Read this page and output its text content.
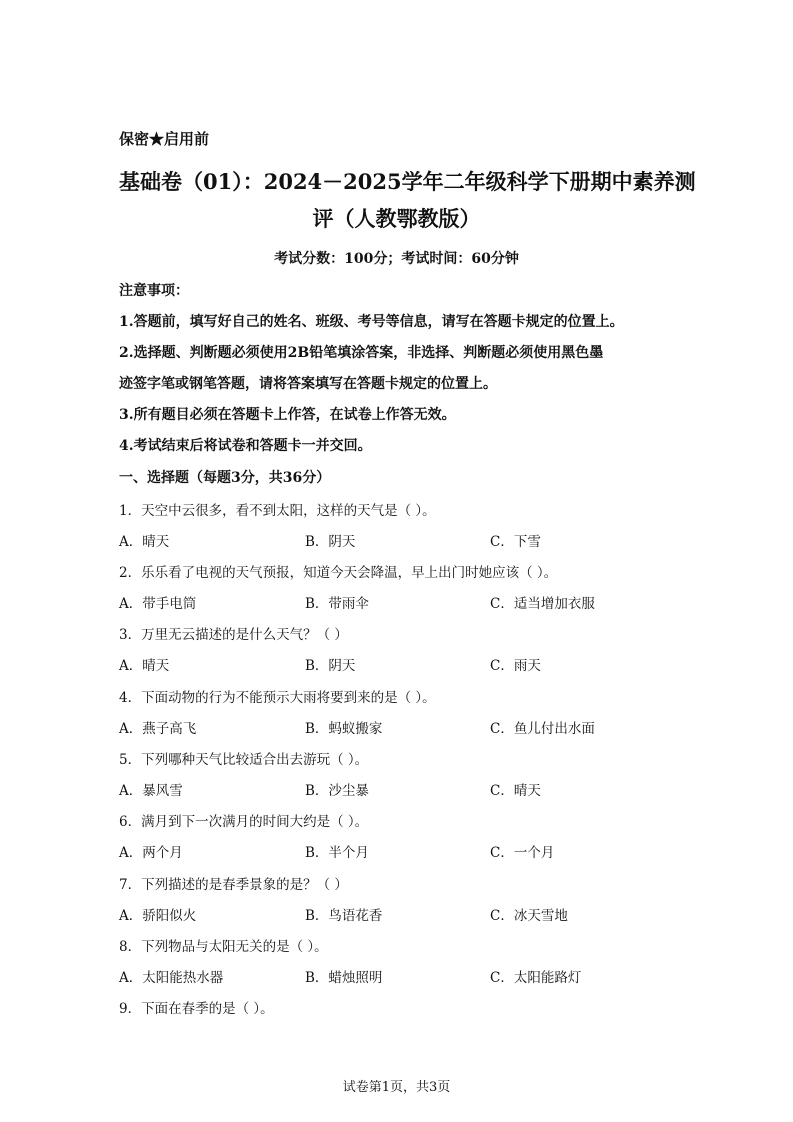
保密★启用前
基础卷（01）：2024－2025学年二年级科学下册期中素养测
评（人教鄂教版）
考试分数：100分；考试时间：60分钟
注意事项：
1.答题前，填写好自己的姓名、班级、考号等信息，请写在答题卡规定的位置上。
2.选择题、判断题必须使用2B铅笔填涂答案，非选择、判断题必须使用黑色墨
迹签字笔或钢笔答题，请将答案填写在答题卡规定的位置上。
3.所有题目必须在答题卡上作答，在试卷上作答无效。
4.考试结束后将试卷和答题卡一并交回。
一、选择题（每题3分，共36分）
1．天空中云很多，看不到太阳，这样的天气是（ ）。
A．晴天	B．阴天	C．下雪
2．乐乐看了电视的天气预报，知道今天会降温，早上出门时她应该（ ）。
A．带手电筒	B．带雨伞	C．适当增加衣服
3．万里无云描述的是什么天气？（ ）
A．晴天	B．阴天	C．雨天
4．下面动物的行为不能预示大雨将要到来的是（ ）。
A．燕子高飞	B．蚂蚁搬家	C．鱼儿付出水面
5．下列哪种天气比较适合出去游玩（ ）。
A．暴风雪	B．沙尘暴	C．晴天
6．满月到下一次满月的时间大约是（ ）。
A．两个月	B．半个月	C．一个月
7．下列描述的是春季景象的是？（ ）
A．骄阳似火	B．鸟语花香	C．冰天雪地
8．下列物品与太阳无关的是（ ）。
A．太阳能热水器	B．蜡烛照明	C．太阳能路灯
9．下面在春季的是（ ）。
试卷第1页，共3页
